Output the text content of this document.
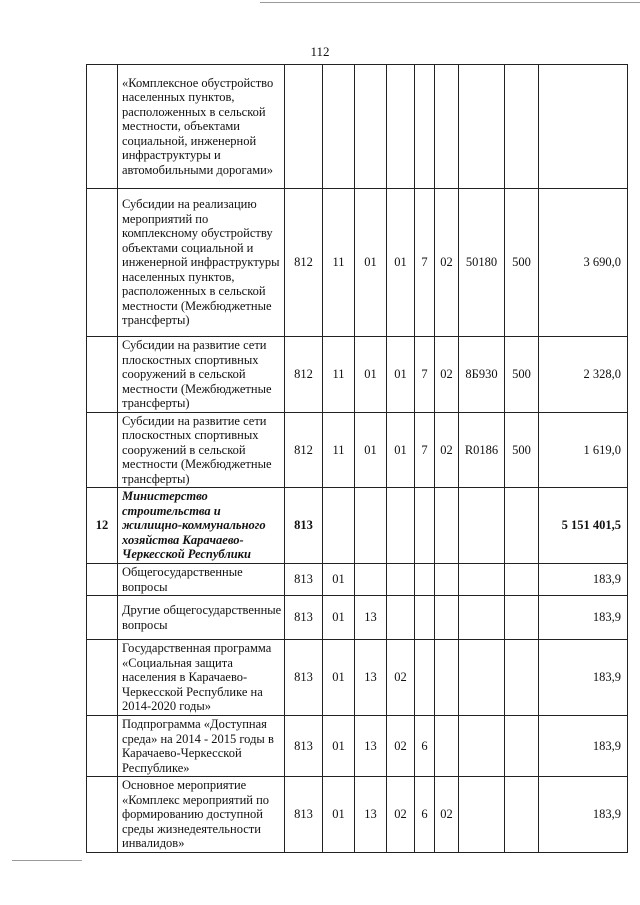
112
	«Комплексное обустройство населенных пунктов, расположенных в сельской местности, объектами социальной, инженерной инфраструктуры и автомобильными дорогами»									
	Субсидии на реализацию мероприятий по комплексному обустройству объектами социальной и инженерной инфраструктуры населенных пунктов, расположенных в сельской местности (Межбюджетные трансферты)	812	11	01	01	7	02	50180	500	3 690,0
	Субсидии на развитие сети плоскостных спортивных сооружений в сельской местности (Межбюджетные трансферты)	812	11	01	01	7	02	8Б930	500	2 328,0
	Субсидии на развитие сети плоскостных спортивных сооружений в сельской местности (Межбюджетные трансферты)	812	11	01	01	7	02	R0186	500	1 619,0
12	Министерство строительства и жилищно-коммунального хозяйства Карачаево-Черкесской Республики	813								5 151 401,5
	Общегосударственные вопросы	813	01							183,9
	Другие общегосударственные вопросы	813	01	13						183,9
	Государственная программа «Социальная защита населения в Карачаево-Черкесской Республике на 2014-2020 годы»	813	01	13	02					183,9
	Подпрограмма «Доступная среда» на 2014 - 2015 годы в Карачаево-Черкесской Республике»	813	01	13	02	6				183,9
	Основное мероприятие «Комплекс мероприятий по формированию доступной среды жизнедеятельности инвалидов»	813	01	13	02	6	02			183,9
